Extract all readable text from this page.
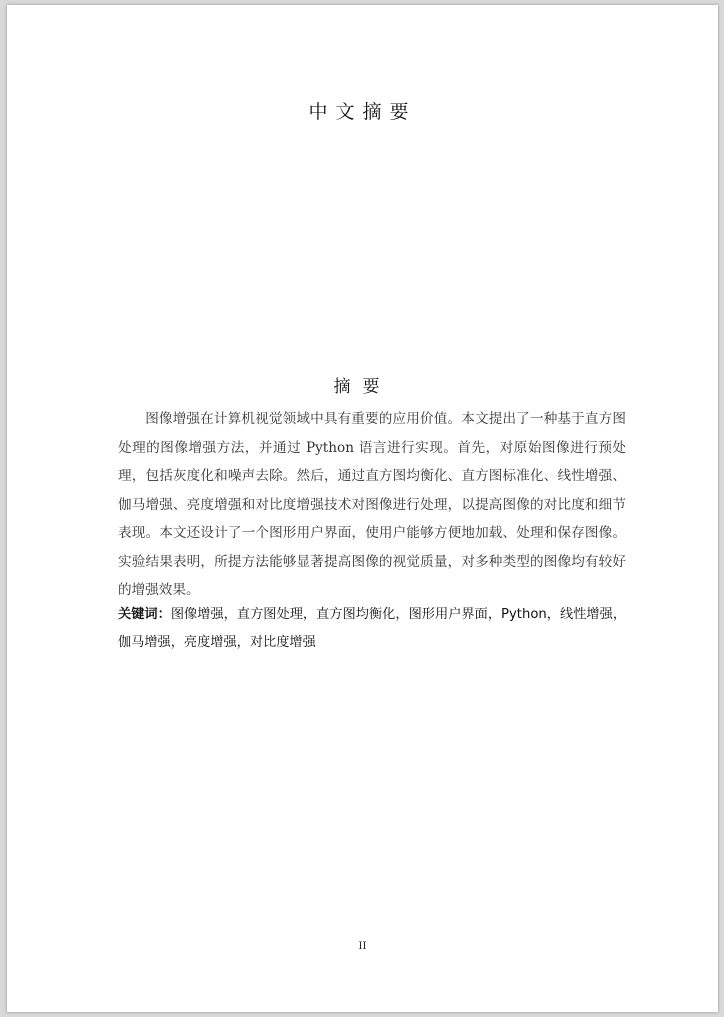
中文摘要
摘要

图像增强在计算机视觉领域中具有重要的应用价值。本文提出了一种基于直方图处理的图像增强方法，并通过 Python 语言进行实现。首先，对原始图像进行预处理，包括灰度化和噪声去除。然后，通过直方图均衡化、直方图标准化、线性增强、伽马增强、亮度增强和对比度增强技术对图像进行处理，以提高图像的对比度和细节表现。本文还设计了一个图形用户界面，使用户能够方便地加载、处理和保存图像。实验结果表明，所提方法能够显著提高图像的视觉质量，对多种类型的图像均有较好的增强效果。

关键词：图像增强，直方图处理，直方图均衡化，图形用户界面，Python，线性增强，伽马增强，亮度增强，对比度增强

II
